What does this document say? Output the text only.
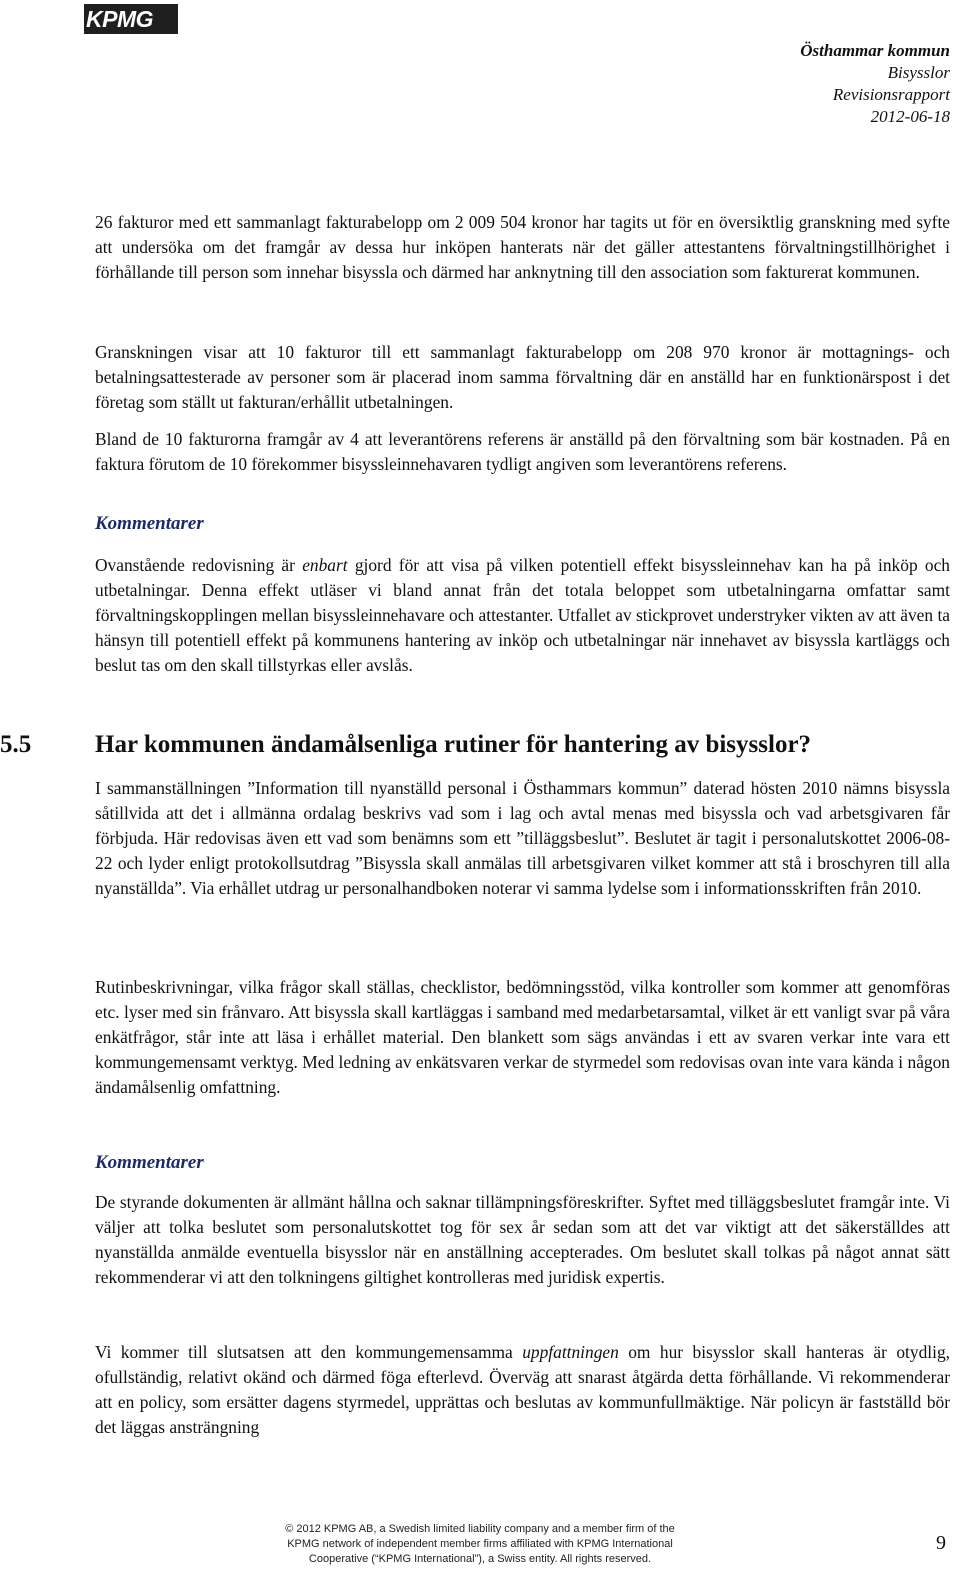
KPMG
Östhammar kommun
Bisysslor
Revisionsrapport
2012-06-18

26 fakturor med ett sammanlagt fakturabelopp om 2 009 504 kronor har tagits ut för en översiktlig granskning med syfte att undersöka om det framgår av dessa hur inköpen hanterats när det gäller attestantens förvaltningstillhörighet i förhållande till person som innehar bisyssla och därmed har anknytning till den association som fakturerat kommunen.

Granskningen visar att 10 fakturor till ett sammanlagt fakturabelopp om 208 970 kronor är mottagnings- och betalningsattesterade av personer som är placerad inom samma förvaltning där en anställd har en funktionärspost i det företag som ställt ut fakturan/erhållit utbetalningen.

Bland de 10 fakturorna framgår av 4 att leverantörens referens är anställd på den förvaltning som bär kostnaden. På en faktura förutom de 10 förekommer bisyssleinnehavaren tydligt angiven som leverantörens referens.

Kommentarer

Ovanstående redovisning är enbart gjord för att visa på vilken potentiell effekt bisyssleinnehav kan ha på inköp och utbetalningar. Denna effekt utläser vi bland annat från det totala beloppet som utbetalningarna omfattar samt förvaltningskopplingen mellan bisyssleinnehavare och attestanter. Utfallet av stickprovet understryker vikten av att även ta hänsyn till potentiell effekt på kommunens hantering av inköp och utbetalningar när innehavet av bisyssla kartläggs och beslut tas om den skall tillstyrkas eller avslås.

5.5	Har kommunen ändamålsenliga rutiner för hantering av bisysslor?

I sammanställningen ”Information till nyanställd personal i Östhammars kommun” daterad hösten 2010 nämns bisyssla såtillvida att det i allmänna ordalag beskrivs vad som i lag och avtal menas med bisyssla och vad arbetsgivaren får förbjuda. Här redovisas även ett vad som benämns som ett ”tilläggsbeslut”. Beslutet är tagit i personalutskottet 2006-08-22 och lyder enligt protokollsutdrag ”Bisyssla skall anmälas till arbetsgivaren vilket kommer att stå i broschyren till alla nyanställda”. Via erhållet utdrag ur personalhandboken noterar vi samma lydelse som i informationsskriften från 2010.

Rutinbeskrivningar, vilka frågor skall ställas, checklistor, bedömningsstöd, vilka kontroller som kommer att genomföras etc. lyser med sin frånvaro. Att bisyssla skall kartläggas i samband med medarbetarsamtal, vilket är ett vanligt svar på våra enkätfrågor, står inte att läsa i erhållet material. Den blankett som sägs användas i ett av svaren verkar inte vara ett kommungemensamt verktyg. Med ledning av enkätsvaren verkar de styrmedel som redovisas ovan inte vara kända i någon ändamålsenlig omfattning.

Kommentarer

De styrande dokumenten är allmänt hållna och saknar tillämpningsföreskrifter. Syftet med tilläggsbeslutet framgår inte. Vi väljer att tolka beslutet som personalutskottet tog för sex år sedan som att det var viktigt att det säkerställdes att nyanställda anmälde eventuella bisysslor när en anställning accepterades. Om beslutet skall tolkas på något annat sätt rekommenderar vi att den tolkningens giltighet kontrolleras med juridisk expertis.

Vi kommer till slutsatsen att den kommungemensamma uppfattningen om hur bisysslor skall hanteras är otydlig, ofullständig, relativt okänd och därmed föga efterlevd. Överväg att snarast åtgärda detta förhållande. Vi rekommenderar att en policy, som ersätter dagens styrmedel, upprättas och beslutas av kommunfullmäktige. När policyn är fastställd bör det läggas ansträngning

9
© 2012 KPMG AB, a Swedish limited liability company and a member firm of the
KPMG network of independent member firms affiliated with KPMG International
Cooperative (“KPMG International”), a Swiss entity. All rights reserved.
